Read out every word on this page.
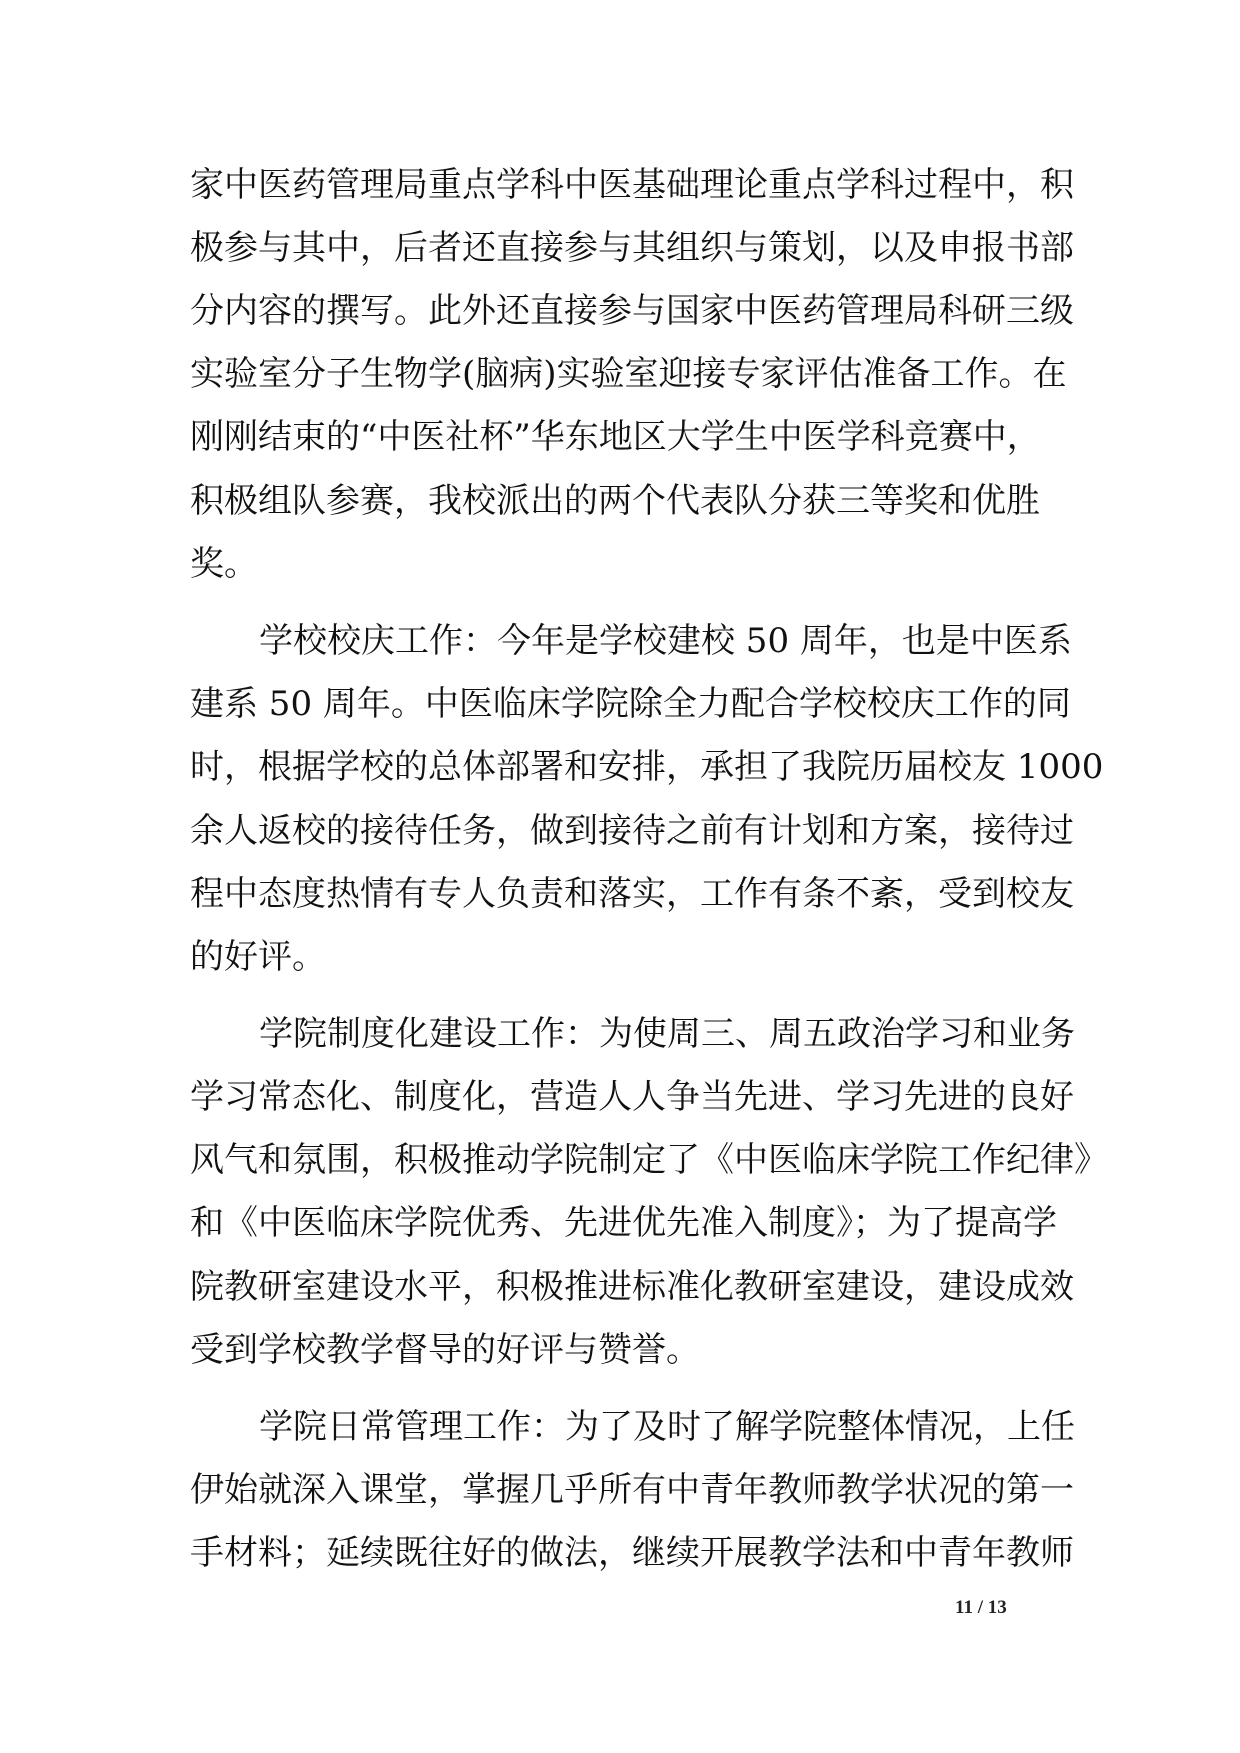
家中医药管理局重点学科中医基础理论重点学科过程中，积
极参与其中，后者还直接参与其组织与策划，以及申报书部
分内容的撰写。此外还直接参与国家中医药管理局科研三级
实验室分子生物学(脑病)实验室迎接专家评估准备工作。在
刚刚结束的“中医社杯”华东地区大学生中医学科竞赛中，
积极组队参赛，我校派出的两个代表队分获三等奖和优胜
奖。
学校校庆工作：今年是学校建校 50 周年，也是中医系
建系 50 周年。中医临床学院除全力配合学校校庆工作的同
时，根据学校的总体部署和安排，承担了我院历届校友 1000
余人返校的接待任务，做到接待之前有计划和方案，接待过
程中态度热情有专人负责和落实，工作有条不紊，受到校友
的好评。
学院制度化建设工作：为使周三、周五政治学习和业务
学习常态化、制度化，营造人人争当先进、学习先进的良好
风气和氛围，积极推动学院制定了《中医临床学院工作纪律》
和《中医临床学院优秀、先进优先准入制度》；为了提高学
院教研室建设水平，积极推进标准化教研室建设，建设成效
受到学校教学督导的好评与赞誉。
学院日常管理工作：为了及时了解学院整体情况，上任
伊始就深入课堂，掌握几乎所有中青年教师教学状况的第一
手材料；延续既往好的做法，继续开展教学法和中青年教师
11 / 13
